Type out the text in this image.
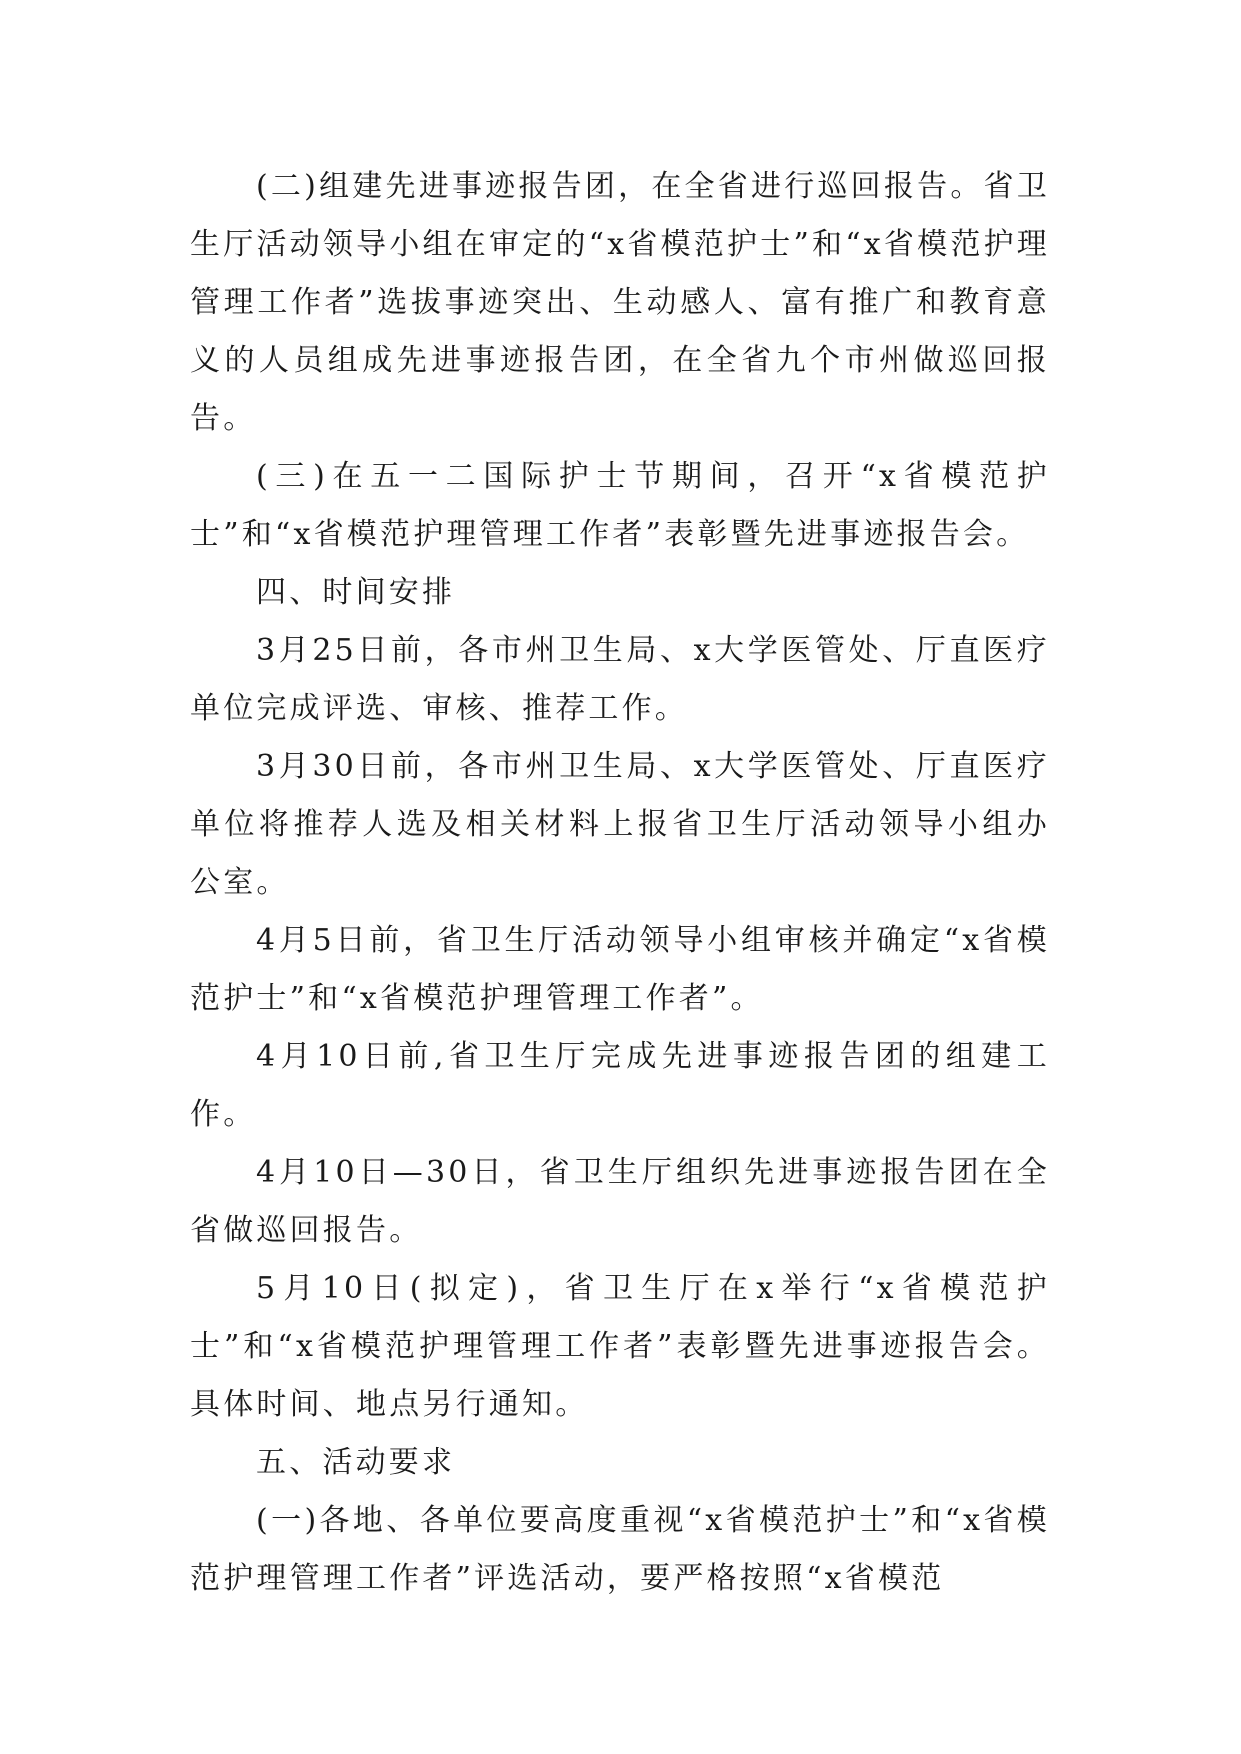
(二)组建先进事迹报告团，在全省进行巡回报告。省卫生厅活动领导小组在审定的“x省模范护士”和“x省模范护理管理工作者”选拔事迹突出、生动感人、富有推广和教育意义的人员组成先进事迹报告团，在全省九个市州做巡回报告。

(三)在五一二国际护士节期间，召开“x省模范护士”和“x省模范护理管理工作者”表彰暨先进事迹报告会。

四、时间安排

3月25日前，各市州卫生局、x大学医管处、厅直医疗单位完成评选、审核、推荐工作。

3月30日前，各市州卫生局、x大学医管处、厅直医疗单位将推荐人选及相关材料上报省卫生厅活动领导小组办公室。

4月5日前，省卫生厅活动领导小组审核并确定“x省模范护士”和“x省模范护理管理工作者”。

4月10日前,省卫生厅完成先进事迹报告团的组建工作。

4月10日—30日，省卫生厅组织先进事迹报告团在全省做巡回报告。

5月10日(拟定)，省卫生厅在x举行“x省模范护士”和“x省模范护理管理工作者”表彰暨先进事迹报告会。具体时间、地点另行通知。

五、活动要求

(一)各地、各单位要高度重视“x省模范护士”和“x省模范护理管理工作者”评选活动，要严格按照“x省模范
